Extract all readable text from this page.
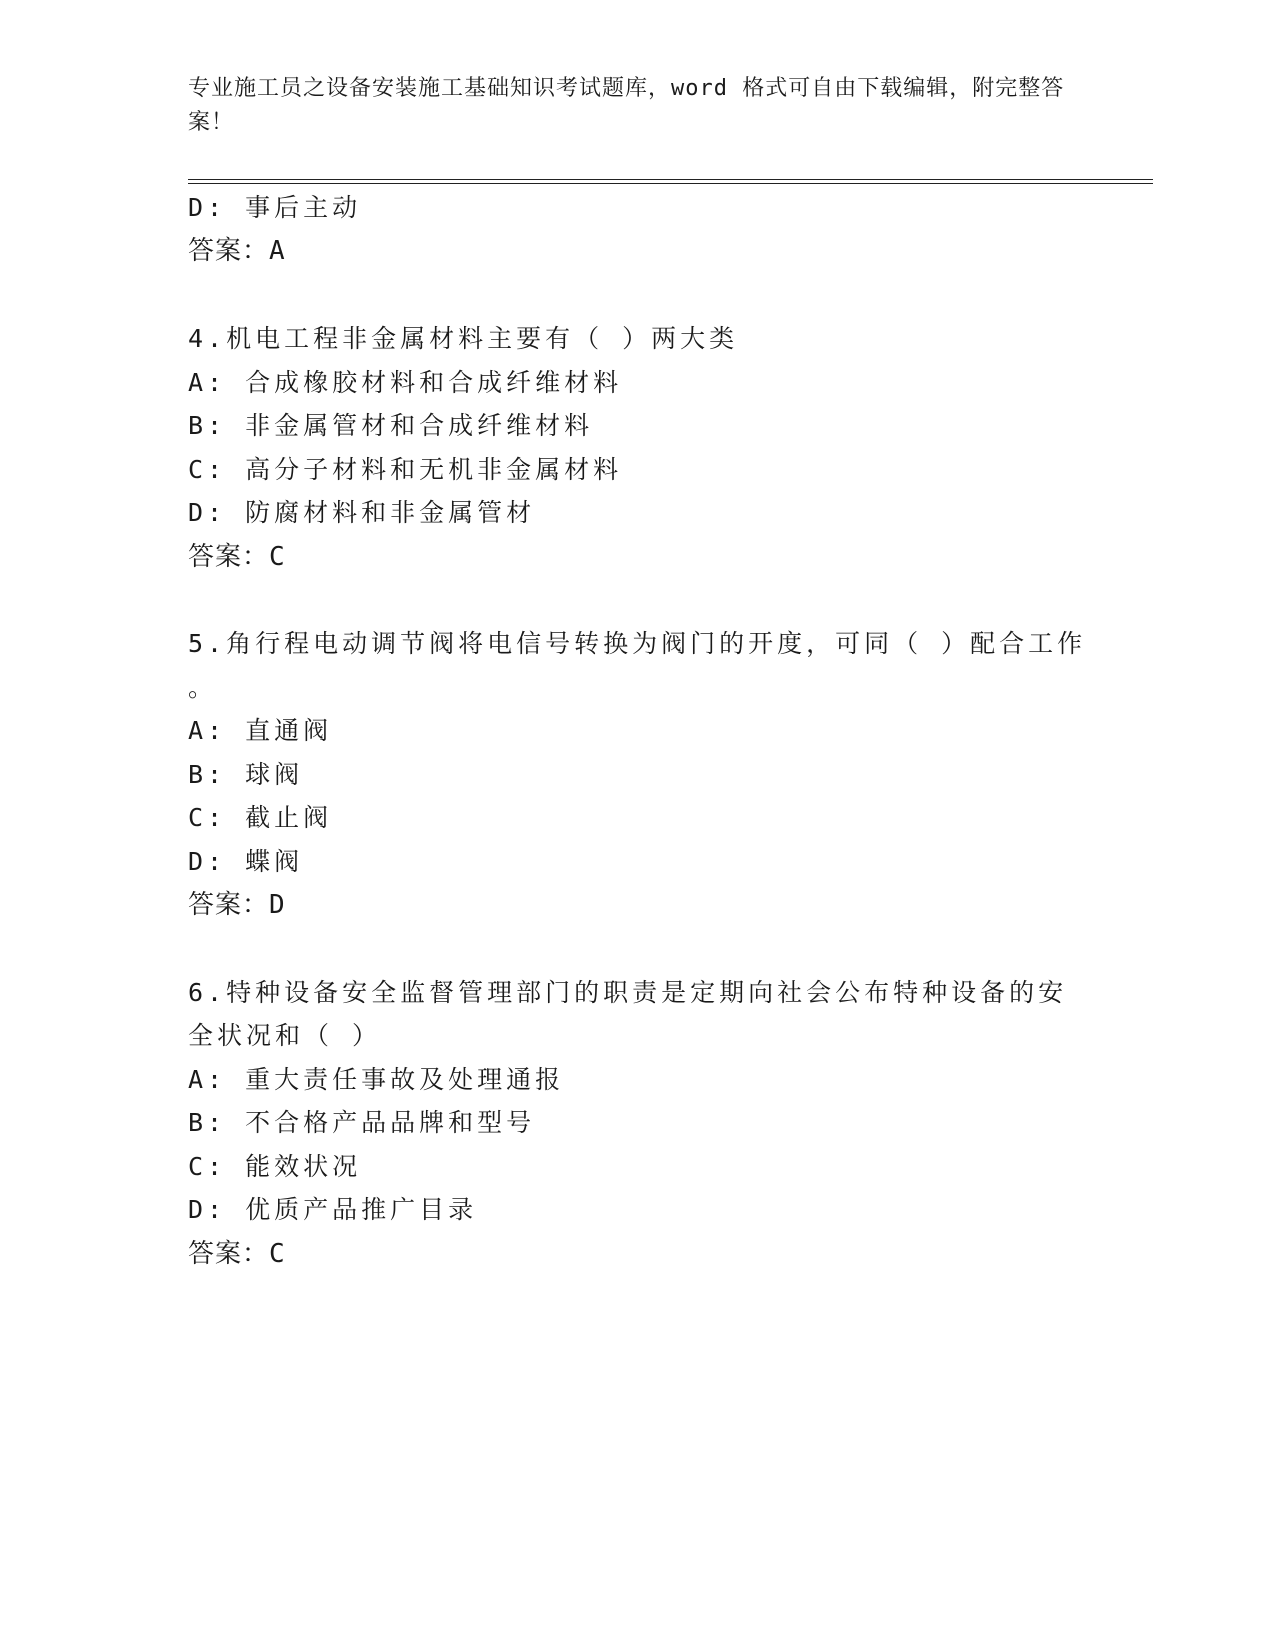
专业施工员之设备安装施工基础知识考试题库，word 格式可自由下载编辑，附完整答案！
D: 事后主动
答案：A
4.机电工程非金属材料主要有（ ）两大类
A: 合成橡胶材料和合成纤维材料
B: 非金属管材和合成纤维材料
C: 高分子材料和无机非金属材料
D: 防腐材料和非金属管材
答案：C
5.角行程电动调节阀将电信号转换为阀门的开度，可同（ ）配合工作
。
A: 直通阀
B: 球阀
C: 截止阀
D: 蝶阀
答案：D
6.特种设备安全监督管理部门的职责是定期向社会公布特种设备的安
全状况和（ ）
A: 重大责任事故及处理通报
B: 不合格产品品牌和型号
C: 能效状况
D: 优质产品推广目录
答案：C
